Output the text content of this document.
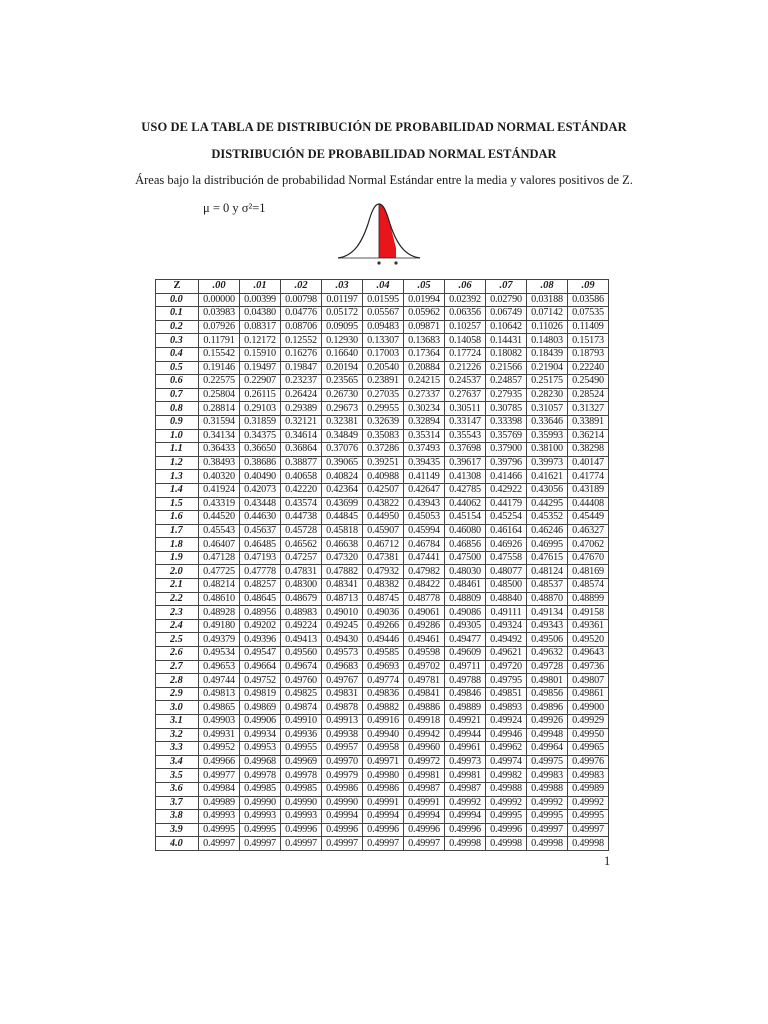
USO DE LA TABLA DE DISTRIBUCIÓN DE PROBABILIDAD NORMAL ESTÁNDAR
DISTRIBUCIÓN DE PROBABILIDAD NORMAL ESTÁNDAR
Áreas bajo la distribución de probabilidad Normal Estándar entre la media y valores positivos de Z.
μ = 0 y σ²=1
Z	.00	.01	.02	.03	.04	.05	.06	.07	.08	.09
0.0	0.00000	0.00399	0.00798	0.01197	0.01595	0.01994	0.02392	0.02790	0.03188	0.03586
0.1	0.03983	0.04380	0.04776	0.05172	0.05567	0.05962	0.06356	0.06749	0.07142	0.07535
0.2	0.07926	0.08317	0.08706	0.09095	0.09483	0.09871	0.10257	0.10642	0.11026	0.11409
0.3	0.11791	0.12172	0.12552	0.12930	0.13307	0.13683	0.14058	0.14431	0.14803	0.15173
0.4	0.15542	0.15910	0.16276	0.16640	0.17003	0.17364	0.17724	0.18082	0.18439	0.18793
0.5	0.19146	0.19497	0.19847	0.20194	0.20540	0.20884	0.21226	0.21566	0.21904	0.22240
0.6	0.22575	0.22907	0.23237	0.23565	0.23891	0.24215	0.24537	0.24857	0.25175	0.25490
0.7	0.25804	0.26115	0.26424	0.26730	0.27035	0.27337	0.27637	0.27935	0.28230	0.28524
0.8	0.28814	0.29103	0.29389	0.29673	0.29955	0.30234	0.30511	0.30785	0.31057	0.31327
0.9	0.31594	0.31859	0.32121	0.32381	0.32639	0.32894	0.33147	0.33398	0.33646	0.33891
1.0	0.34134	0.34375	0.34614	0.34849	0.35083	0.35314	0.35543	0.35769	0.35993	0.36214
1.1	0.36433	0.36650	0.36864	0.37076	0.37286	0.37493	0.37698	0.37900	0.38100	0.38298
1.2	0.38493	0.38686	0.38877	0.39065	0.39251	0.39435	0.39617	0.39796	0.39973	0.40147
1.3	0.40320	0.40490	0.40658	0.40824	0.40988	0.41149	0.41308	0.41466	0.41621	0.41774
1.4	0.41924	0.42073	0.42220	0.42364	0.42507	0.42647	0.42785	0.42922	0.43056	0.43189
1.5	0.43319	0.43448	0.43574	0.43699	0.43822	0.43943	0.44062	0.44179	0.44295	0.44408
1.6	0.44520	0.44630	0.44738	0.44845	0.44950	0.45053	0.45154	0.45254	0.45352	0.45449
1.7	0.45543	0.45637	0.45728	0.45818	0.45907	0.45994	0.46080	0.46164	0.46246	0.46327
1.8	0.46407	0.46485	0.46562	0.46638	0.46712	0.46784	0.46856	0.46926	0.46995	0.47062
1.9	0.47128	0.47193	0.47257	0.47320	0.47381	0.47441	0.47500	0.47558	0.47615	0.47670
2.0	0.47725	0.47778	0.47831	0.47882	0.47932	0.47982	0.48030	0.48077	0.48124	0.48169
2.1	0.48214	0.48257	0.48300	0.48341	0.48382	0.48422	0.48461	0.48500	0.48537	0.48574
2.2	0.48610	0.48645	0.48679	0.48713	0.48745	0.48778	0.48809	0.48840	0.48870	0.48899
2.3	0.48928	0.48956	0.48983	0.49010	0.49036	0.49061	0.49086	0.49111	0.49134	0.49158
2.4	0.49180	0.49202	0.49224	0.49245	0.49266	0.49286	0.49305	0.49324	0.49343	0.49361
2.5	0.49379	0.49396	0.49413	0.49430	0.49446	0.49461	0.49477	0.49492	0.49506	0.49520
2.6	0.49534	0.49547	0.49560	0.49573	0.49585	0.49598	0.49609	0.49621	0.49632	0.49643
2.7	0.49653	0.49664	0.49674	0.49683	0.49693	0.49702	0.49711	0.49720	0.49728	0.49736
2.8	0.49744	0.49752	0.49760	0.49767	0.49774	0.49781	0.49788	0.49795	0.49801	0.49807
2.9	0.49813	0.49819	0.49825	0.49831	0.49836	0.49841	0.49846	0.49851	0.49856	0.49861
3.0	0.49865	0.49869	0.49874	0.49878	0.49882	0.49886	0.49889	0.49893	0.49896	0.49900
3.1	0.49903	0.49906	0.49910	0.49913	0.49916	0.49918	0.49921	0.49924	0.49926	0.49929
3.2	0.49931	0.49934	0.49936	0.49938	0.49940	0.49942	0.49944	0.49946	0.49948	0.49950
3.3	0.49952	0.49953	0.49955	0.49957	0.49958	0.49960	0.49961	0.49962	0.49964	0.49965
3.4	0.49966	0.49968	0.49969	0.49970	0.49971	0.49972	0.49973	0.49974	0.49975	0.49976
3.5	0.49977	0.49978	0.49978	0.49979	0.49980	0.49981	0.49981	0.49982	0.49983	0.49983
3.6	0.49984	0.49985	0.49985	0.49986	0.49986	0.49987	0.49987	0.49988	0.49988	0.49989
3.7	0.49989	0.49990	0.49990	0.49990	0.49991	0.49991	0.49992	0.49992	0.49992	0.49992
3.8	0.49993	0.49993	0.49993	0.49994	0.49994	0.49994	0.49994	0.49995	0.49995	0.49995
3.9	0.49995	0.49995	0.49996	0.49996	0.49996	0.49996	0.49996	0.49996	0.49997	0.49997
4.0	0.49997	0.49997	0.49997	0.49997	0.49997	0.49997	0.49998	0.49998	0.49998	0.49998
1
